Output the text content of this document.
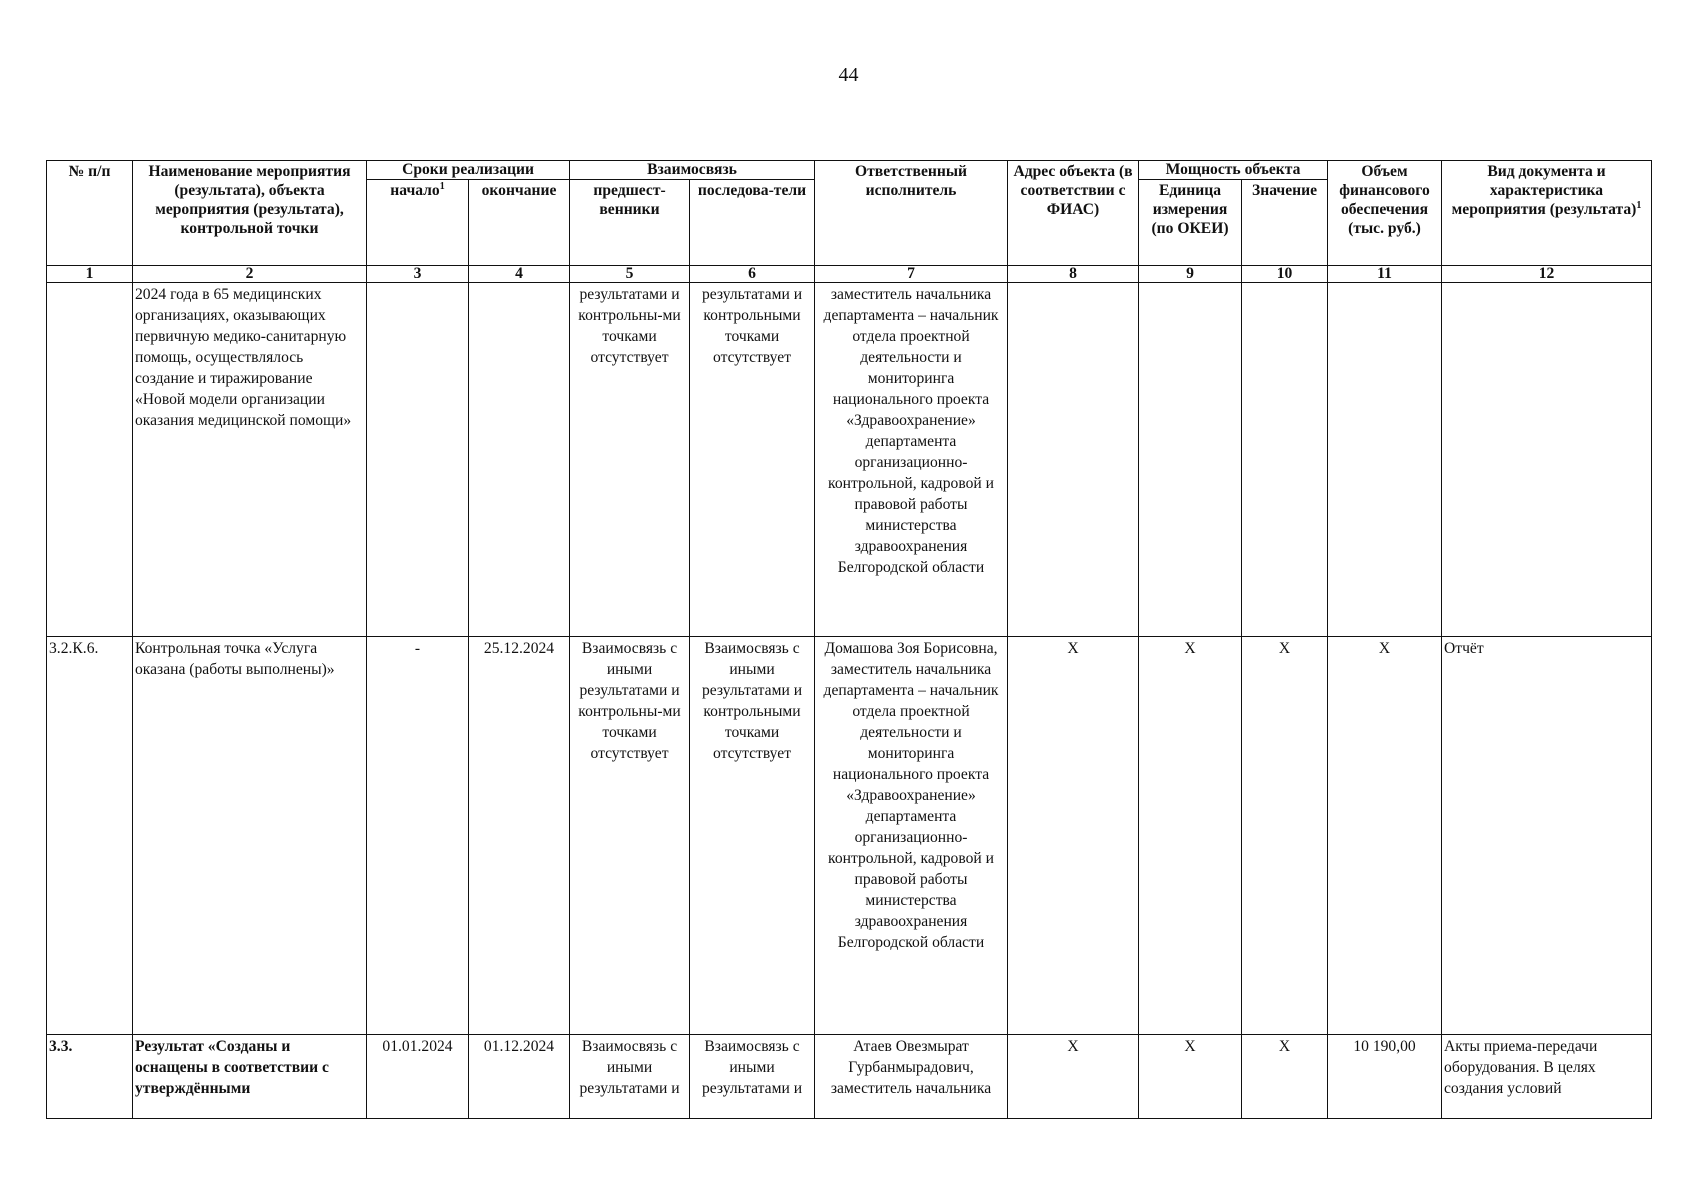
44
№ п/п	Наименование мероприятия (результата), объекта мероприятия (результата), контрольной точки	Сроки реализации		Взаимосвязь		Ответственный исполнитель	Адрес объекта (в соответствии с ФИАС)	Мощность объекта		Объем финансового обеспечения (тыс. руб.)	Вид документа и характеристика мероприятия (результата)$^1$
		начало$^1$	окончание	предшест-венники	последова-тели			Единица измерения (по ОКЕИ)	Значение		
1	2	3	4	5	6	7	8	9	10	11	12
	2024 года в 65 медицинских организациях, оказывающих первичную медико-санитарную помощь, осуществлялось создание и тиражирование «Новой модели организации оказания медицинской помощи»			результатами и контрольны-ми точками отсутствует	результатами и контрольными точками отсутствует	заместитель начальника департамента – начальник отдела проектной деятельности и мониторинга национального проекта «Здравоохранение» департамента организационно-контрольной, кадровой и правовой работы министерства здравоохранения Белгородской области					
3.2.К.6.	Контрольная точка «Услуга оказана (работы выполнены)»	-	25.12.2024	Взаимосвязь с иными результатами и контрольны-ми точками отсутствует	Взаимосвязь с иными результатами и контрольными точками отсутствует	Домашова Зоя Борисовна, заместитель начальника департамента – начальник отдела проектной деятельности и мониторинга национального проекта «Здравоохранение» департамента организационно-контрольной, кадровой и правовой работы министерства здравоохранения Белгородской области	X	X	X	X	Отчёт
3.3.	Результат «Созданы и оснащены в соответствии с утверждёнными	01.01.2024	01.12.2024	Взаимосвязь с иными результатами и	Взаимосвязь с иными результатами и	Атаев Овезмырат Гурбанмырадович, заместитель начальника	X	X	X	10 190,00	Акты приема-передачи оборудования. В целях создания условий
